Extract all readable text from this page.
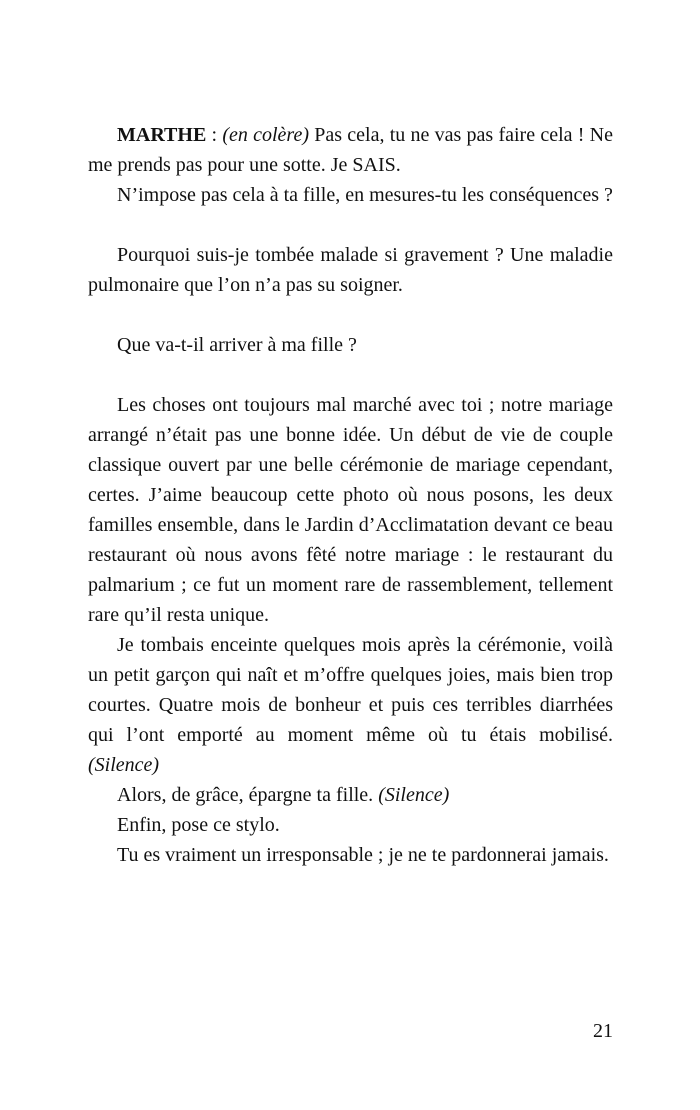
MARTHE : (en colère) Pas cela, tu ne vas pas faire cela ! Ne me prends pas pour une sotte. Je SAIS.

N’impose pas cela à ta fille, en mesures-tu les conséquences ?

Pourquoi suis-je tombée malade si gravement ? Une maladie pulmonaire que l’on n’a pas su soigner.

Que va-t-il arriver à ma fille ?

Les choses ont toujours mal marché avec toi ; notre mariage arrangé n’était pas une bonne idée. Un début de vie de couple classique ouvert par une belle cérémonie de mariage cependant, certes. J’aime beaucoup cette photo où nous posons, les deux familles ensemble, dans le Jardin d’Acclimatation devant ce beau restaurant où nous avons fêté notre mariage : le restaurant du palmarium ; ce fut un moment rare de rassemblement, tellement rare qu’il resta unique.

Je tombais enceinte quelques mois après la cérémonie, voilà un petit garçon qui naît et m’offre quelques joies, mais bien trop courtes. Quatre mois de bonheur et puis ces terribles diarrhées qui l’ont emporté au moment même où tu étais mobilisé. (Silence)

Alors, de grâce, épargne ta fille. (Silence)

Enfin, pose ce stylo.

Tu es vraiment un irresponsable ; je ne te pardonnerai jamais.

21
